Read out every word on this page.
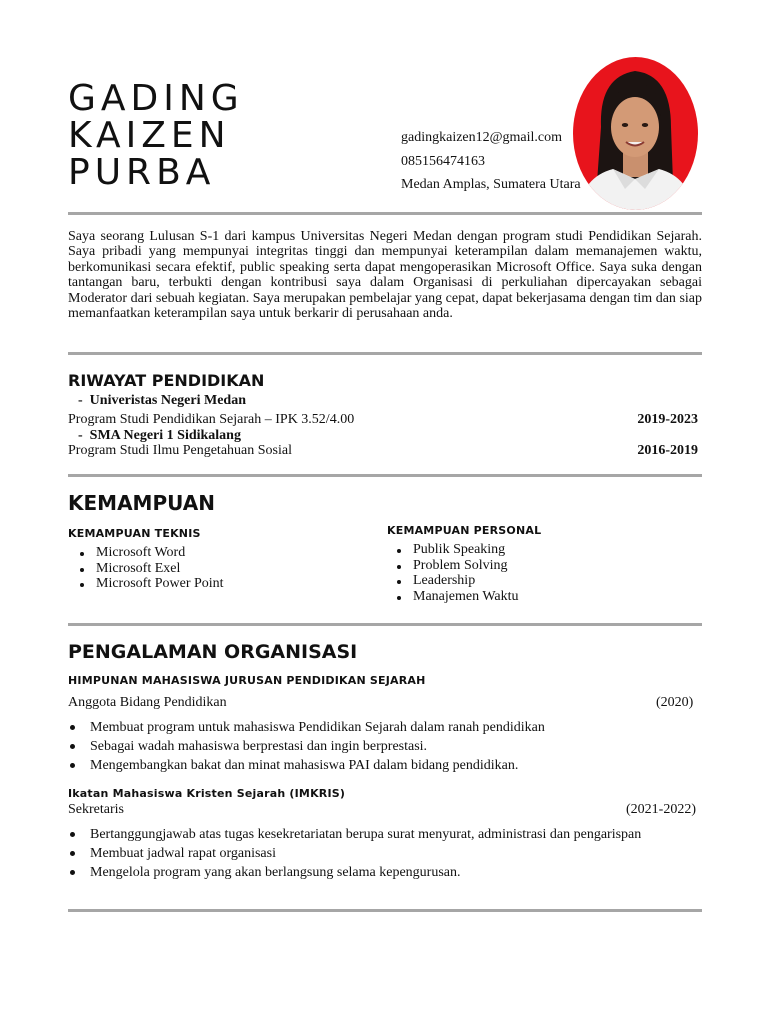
GADING
KAIZEN
PURBA
gadingkaizen12@gmail.com
085156474163
Medan Amplas, Sumatera Utara
Saya seorang Lulusan S-1 dari kampus Universitas Negeri Medan dengan program studi Pendidikan Sejarah. Saya pribadi yang mempunyai integritas tinggi dan mempunyai keterampilan dalam memanajemen waktu, berkomunikasi secara efektif, public speaking serta dapat mengoperasikan Microsoft Office. Saya suka dengan tantangan baru, terbukti dengan kontribusi saya dalam Organisasi di perkuliahan dipercayakan sebagai Moderator dari sebuah kegiatan. Saya merupakan pembelajar yang cepat, dapat bekerjasama dengan tim dan siap memanfaatkan keterampilan saya untuk berkarir di perusahaan anda.
RIWAYAT PENDIDIKAN
-  Univeristas Negeri Medan
Program Studi Pendidikan Sejarah – IPK 3.52/4.00	2019-2023
-  SMA Negeri 1 Sidikalang
Program Studi Ilmu Pengetahuan Sosial	2016-2019
KEMAMPUAN
KEMAMPUAN TEKNIS
Microsoft Word
Microsoft Exel
Microsoft Power Point
KEMAMPUAN PERSONAL
Publik Speaking
Problem Solving
Leadership
Manajemen Waktu
PENGALAMAN ORGANISASI
HIMPUNAN MAHASISWA JURUSAN PENDIDIKAN SEJARAH
Anggota Bidang Pendidikan	(2020)
Membuat program untuk mahasiswa Pendidikan Sejarah dalam ranah pendidikan
Sebagai wadah mahasiswa berprestasi dan ingin berprestasi.
Mengembangkan bakat dan minat mahasiswa PAI dalam bidang pendidikan.
Ikatan Mahasiswa Kristen Sejarah (IMKRIS)
Sekretaris	(2021-2022)
Bertanggungjawab atas tugas kesekretariatan berupa surat menyurat, administrasi dan pengarispan
Membuat jadwal rapat organisasi
Mengelola program yang akan berlangsung selama kepengurusan.
